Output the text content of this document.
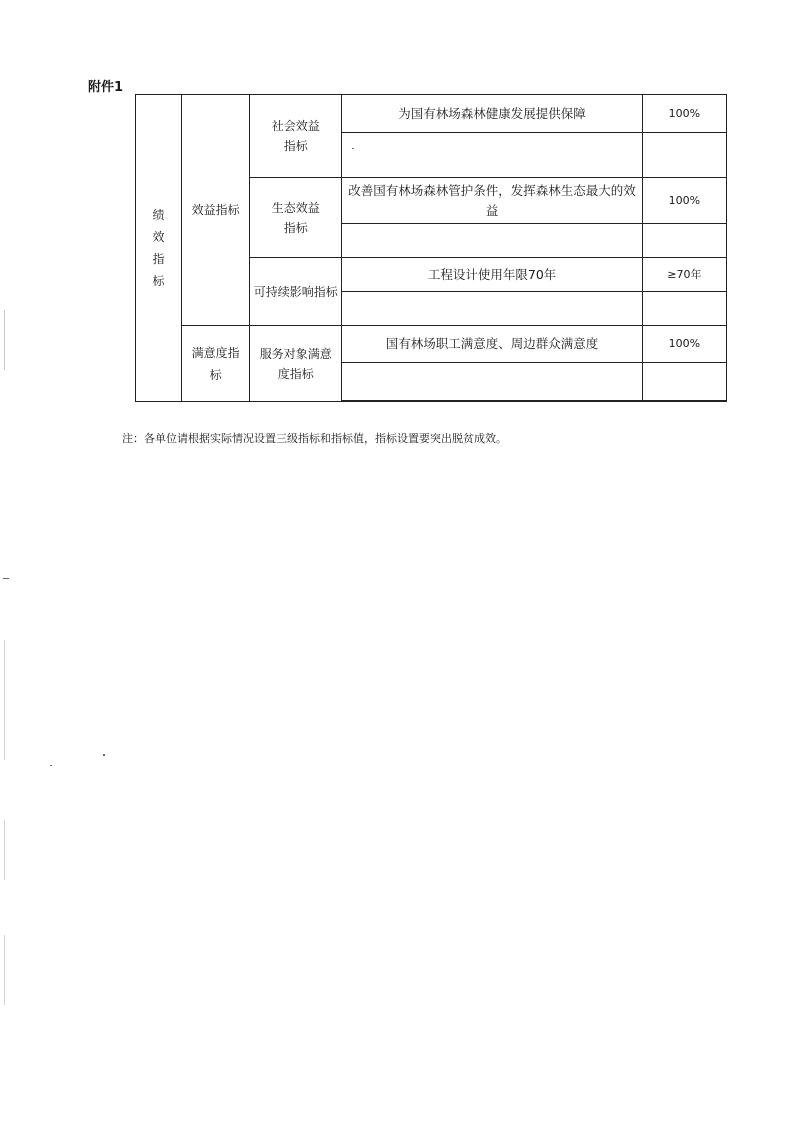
附件1
绩效指标	效益指标	社会效益指标	为国有林场森林健康发展提供保障	100%

		生态效益指标	改善国有林场森林管护条件，发挥森林生态最大的效益	100%

		可持续影响指标	工程设计使用年限70年	≥70年

	满意度指标	服务对象满意度指标	国有林场职工满意度、周边群众满意度	100%

注：各单位请根据实际情况设置三级指标和指标值，指标设置要突出脱贫成效。
